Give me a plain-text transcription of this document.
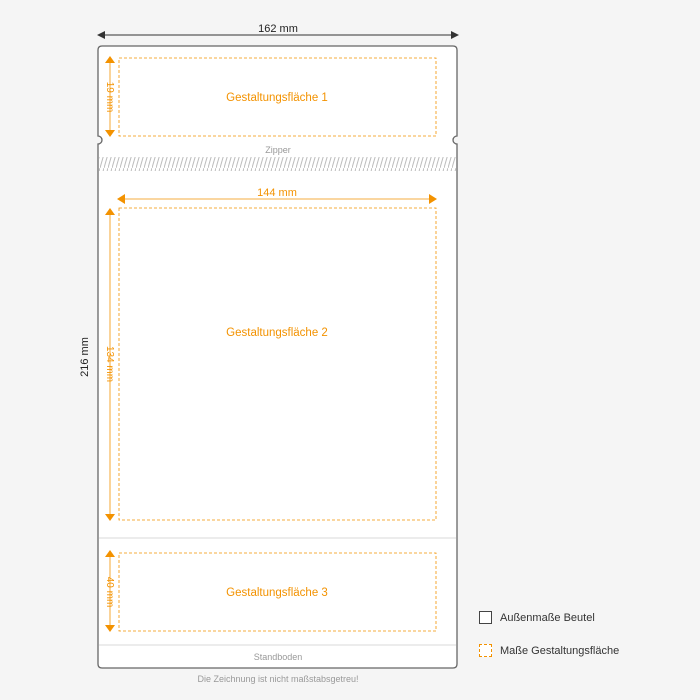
162 mm
Zipper
Standboden
216 mm
Gestaltungsfläche 1
19 mm
144 mm
Gestaltungsfläche 2
134 mm
Gestaltungsfläche 3
40 mm
Die Zeichnung ist nicht maßstabsgetreu!
Außenmaße Beutel
Maße Gestaltungsfläche
